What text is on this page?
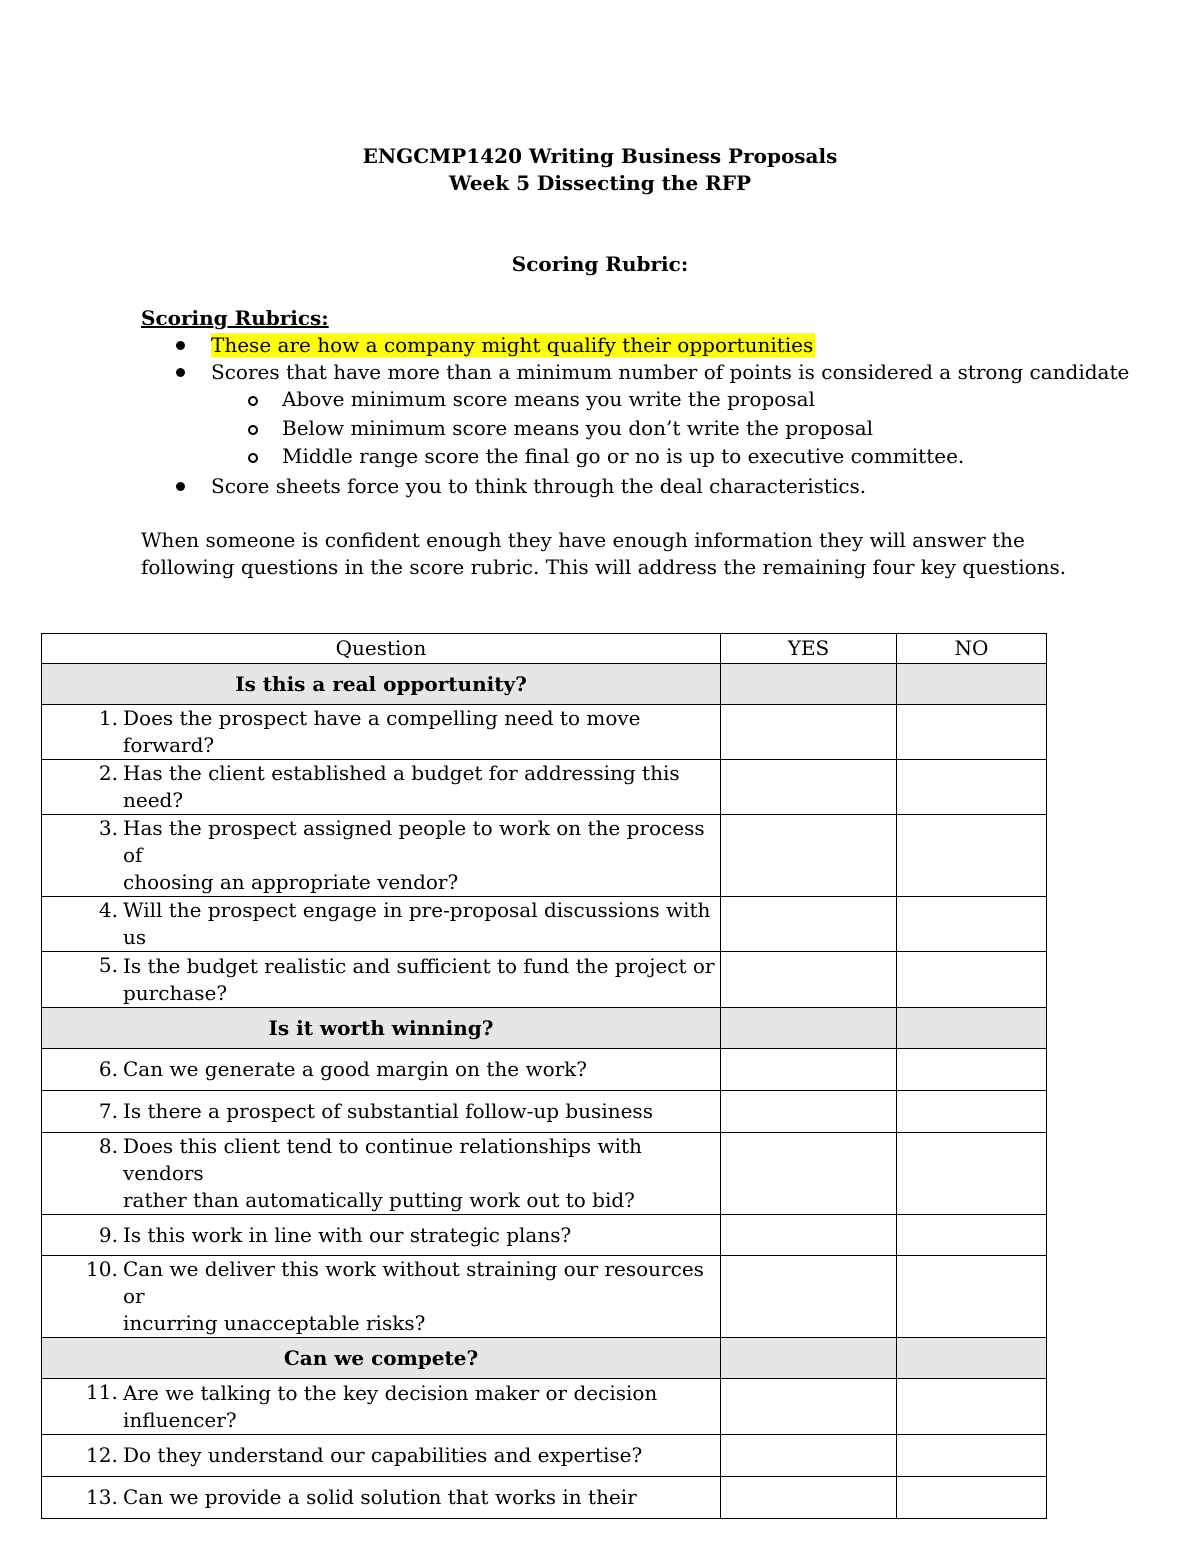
ENGCMP1420 Writing Business Proposals
Week 5 Dissecting the RFP
Scoring Rubric:
Scoring Rubrics:
These are how a company might qualify their opportunities
Scores that have more than a minimum number of points is considered a strong candidate
Above minimum score means you write the proposal
Below minimum score means you don’t write the proposal
Middle range score the final go or no is up to executive committee.
Score sheets force you to think through the deal characteristics.
When someone is confident enough they have enough information they will answer the
following questions in the score rubric. This will address the remaining four key questions.
Question	YES	NO
Is this a real opportunity?		

1. Does the prospect have a compelling need to move forward?		

2. Has the client established a budget for addressing this need?		

3. Has the prospect assigned people to work on the process of
choosing an appropriate vendor?		

4. Will the prospect engage in pre-proposal discussions with us		

5. Is the budget realistic and sufficient to fund the project or
purchase?		

Is it worth winning?		

6. Can we generate a good margin on the work?		

7. Is there a prospect of substantial follow-up business		

8. Does this client tend to continue relationships with vendors
rather than automatically putting work out to bid?		

9. Is this work in line with our strategic plans?		

10. Can we deliver this work without straining our resources or
incurring unacceptable risks?		

Can we compete?		

11. Are we talking to the key decision maker or decision
influencer?		

12. Do they understand our capabilities and expertise?		

13. Can we provide a solid solution that works in their		
